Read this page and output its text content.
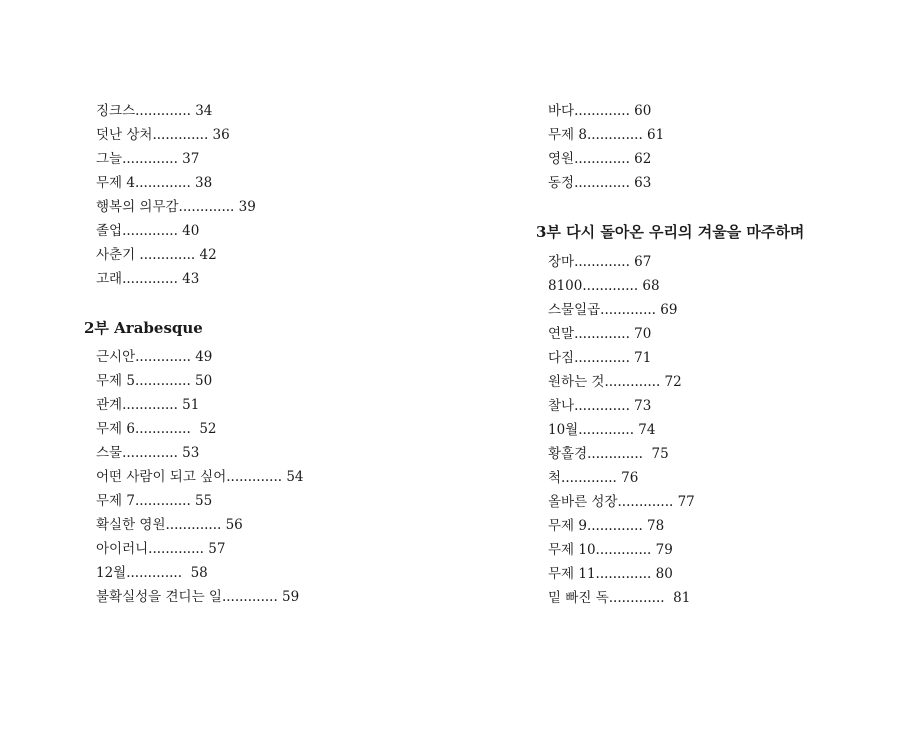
징크스............. 34
덧난 상처............. 36
그늘............. 37
무제 4............. 38
행복의 의무감............. 39
졸업............. 40
사춘기 ............. 42
고래............. 43
2부 Arabesque
근시안............. 49
무제 5............. 50
관계............. 51
무제 6.............  52
스물............. 53
어떤 사람이 되고 싶어............. 54
무제 7............. 55
확실한 영원............. 56
아이러니............. 57
12월.............  58
불확실성을 견디는 일............. 59
바다............. 60
무제 8............. 61
영원............. 62
동정............. 63
3부 다시 돌아온 우리의 겨울을 마주하며
장마............. 67
8100............. 68
스물일곱............. 69
연말............. 70
다짐............. 71
원하는 것............. 72
찰나............. 73
10월............. 74
황홀경.............  75
척............. 76
올바른 성장............. 77
무제 9............. 78
무제 10............. 79
무제 11............. 80
밑 빠진 독.............  81
